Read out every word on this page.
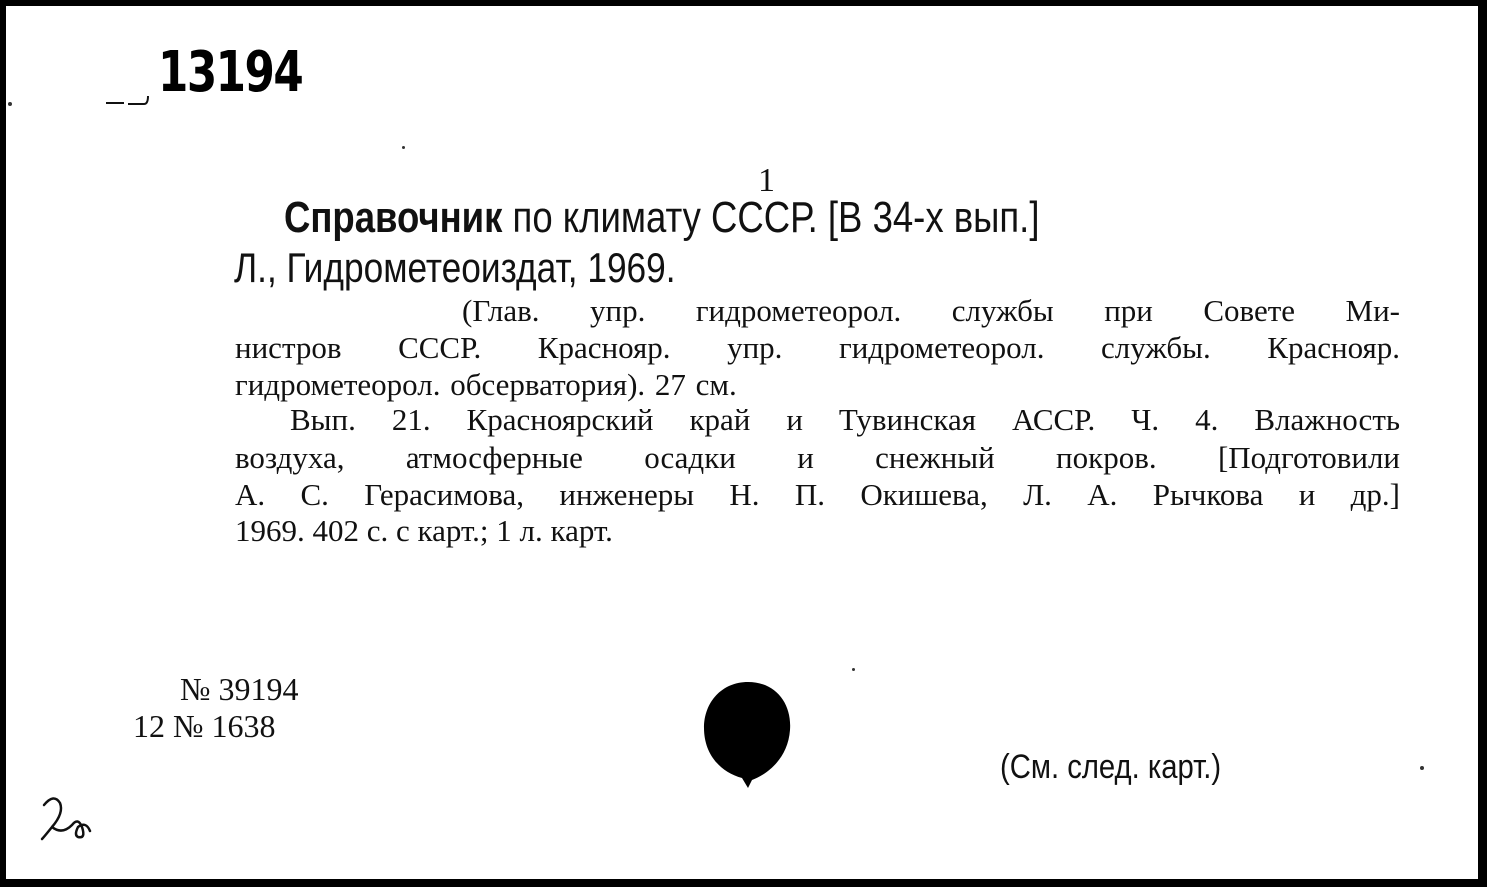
13194
1
Справочник по климату СССР. [В 34-х вып.]
Л., Гидрометеоиздат, 1969.
(Глав. упр. гидрометеорол. службы при Совете Ми-
нистров СССР. Краснояр. упр. гидрометеорол. службы. Краснояр.
гидрометеорол. обсерватория). 27 см.
Вып. 21. Красноярский край и Тувинская АССР. Ч. 4. Влажность
воздуха, атмосферные осадки и снежный покров. [Подготовили
А. С. Герасимова, инженеры Н. П. Окишева, Л. А. Рычкова и др.]
1969. 402 с. с карт.; 1 л. карт.
№ 39194
12 № 1638
(См. след. карт.)
